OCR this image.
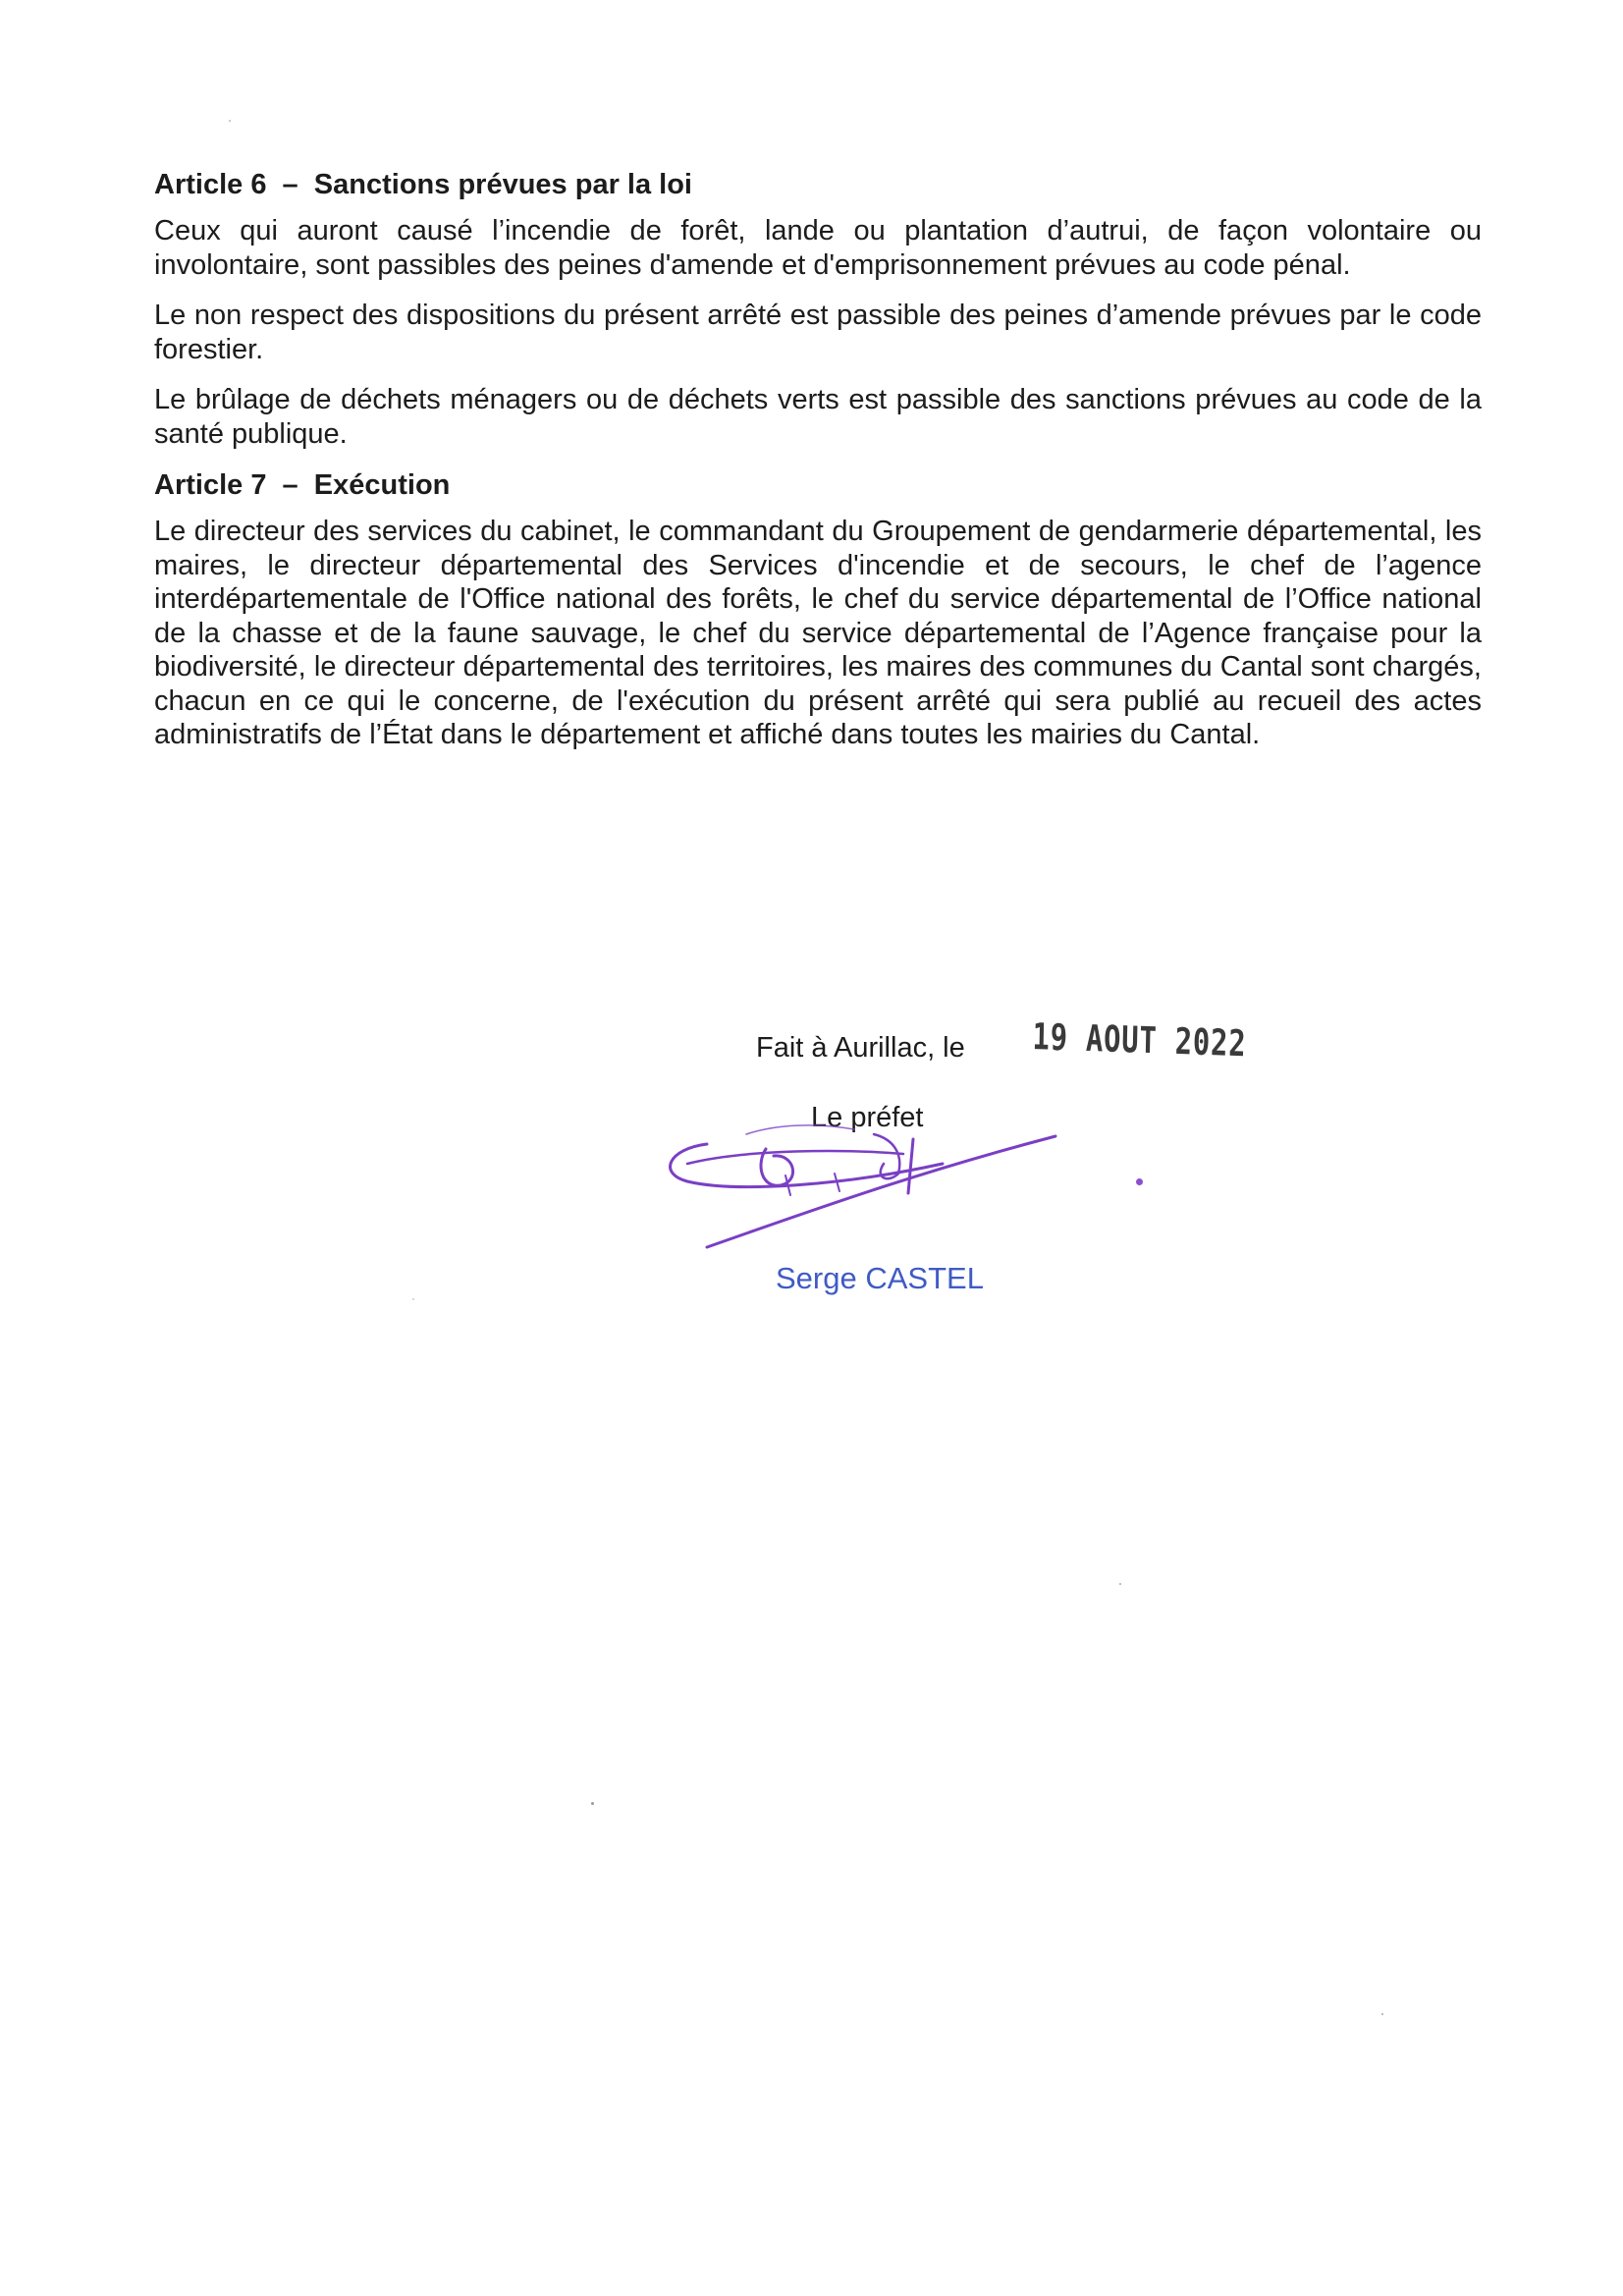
Article 6  –  Sanctions prévues par la loi

Ceux qui auront causé l’incendie de forêt, lande ou plantation d’autrui, de façon volontaire ou involontaire, sont passibles des peines d'amende et d'emprisonnement prévues au code pénal.

Le non respect des dispositions du présent arrêté est passible des peines d’amende prévues par le code forestier.

Le brûlage de déchets ménagers ou de déchets verts est passible des sanctions prévues au code de la santé publique.

Article 7  –  Exécution

Le directeur des services du cabinet, le commandant du Groupement de gendarmerie départemental, les maires, le directeur départemental des Services d'incendie et de secours, le chef de l’agence interdépartementale de l'Office national des forêts, le chef du service départemental de l’Office national de la chasse et de la faune sauvage, le chef du service départemental de l’Agence française pour la biodiversité, le directeur départemental des territoires, les maires des communes du Cantal sont chargés, chacun en ce qui le concerne, de l'exécution du présent arrêté qui sera publié au recueil des actes administratifs de l’État dans le département et affiché dans toutes les mairies du Cantal.

Fait à Aurillac, le 19 AOUT 2022
Le préfet
Serge CASTEL
